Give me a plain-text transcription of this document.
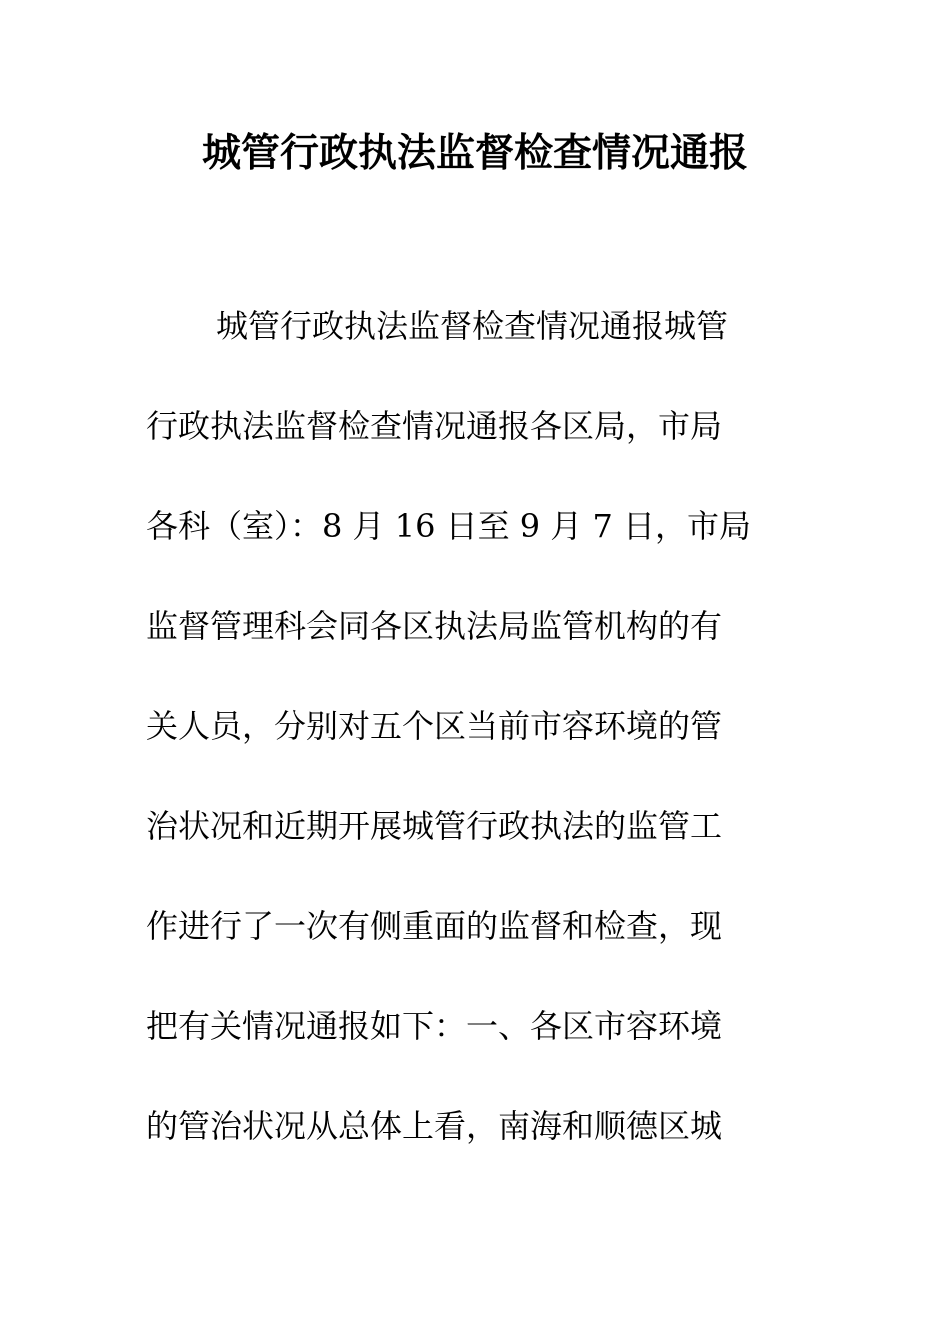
城管行政执法监督检查情况通报
城管行政执法监督检查情况通报城管
行政执法监督检查情况通报各区局，市局
各科（室）：8 月 16 日至 9 月 7 日，市局
监督管理科会同各区执法局监管机构的有
关人员，分别对五个区当前市容环境的管
治状况和近期开展城管行政执法的监管工
作进行了一次有侧重面的监督和检查，现
把有关情况通报如下：一、各区市容环境
的管治状况从总体上看，南海和顺德区城
